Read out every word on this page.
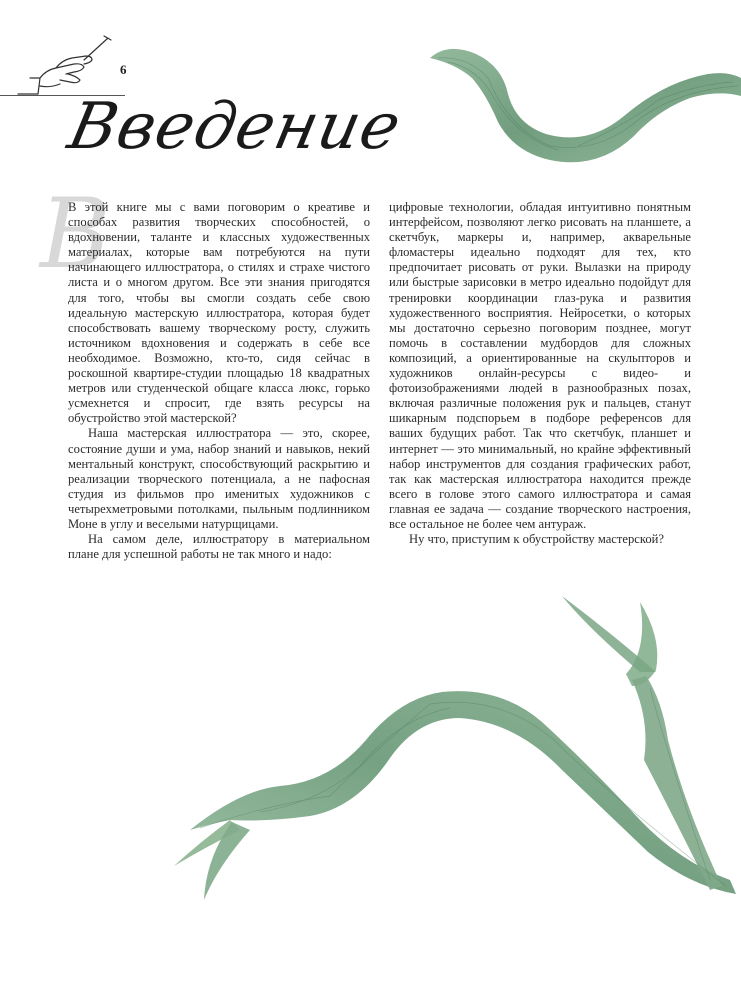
6
Введение
В

В этой книге мы с вами поговорим о креативе и способах развития творческих способностей, о вдохновении, таланте и классных художественных материалах, которые вам потребуются на пути начинающего иллюстратора, о стилях и страхе чистого листа и о многом другом. Все эти знания пригодятся для того, чтобы вы смогли создать себе свою идеальную мастерскую иллюстратора, которая будет способствовать вашему творческому росту, служить источником вдохновения и содержать в себе все необходимое. Возможно, кто-то, сидя сейчас в роскошной квартире-студии площадью 18 квадратных метров или студенческой общаге класса люкс, горько усмехнется и спросит, где взять ресурсы на обустройство этой мастерской?

Наша мастерская иллюстратора — это, скорее, состояние души и ума, набор знаний и навыков, некий ментальный конструкт, способствующий раскрытию и реализации творческого потенциала, а не пафосная студия из фильмов про именитых художников с четырехметровыми потолками, пыльным подлинником Моне в углу и веселыми натурщицами.

На самом деле, иллюстратору в материальном плане для успешной работы не так много и надо:

цифровые технологии, обладая интуитивно понятным интерфейсом, позволяют легко рисовать на планшете, а скетчбук, маркеры и, например, акварельные фломастеры идеально подходят для тех, кто предпочитает рисовать от руки. Вылазки на природу или быстрые зарисовки в метро идеально подойдут для тренировки координации глаз-рука и развития художественного восприятия. Нейросетки, о которых мы достаточно серьезно поговорим позднее, могут помочь в составлении мудбордов для сложных композиций, а ориентированные на скульпторов и художников онлайн-ресурсы с видео- и фотоизображениями людей в разнообразных позах, включая различные положения рук и пальцев, станут шикарным подспорьем в подборе референсов для ваших будущих работ. Так что скетчбук, планшет и интернет — это минимальный, но крайне эффективный набор инструментов для создания графических работ, так как мастерская иллюстратора находится прежде всего в голове этого самого иллюстратора и самая главная ее задача — создание творческого настроения, все остальное не более чем антураж.

Ну что, приступим к обустройству мастерской?
